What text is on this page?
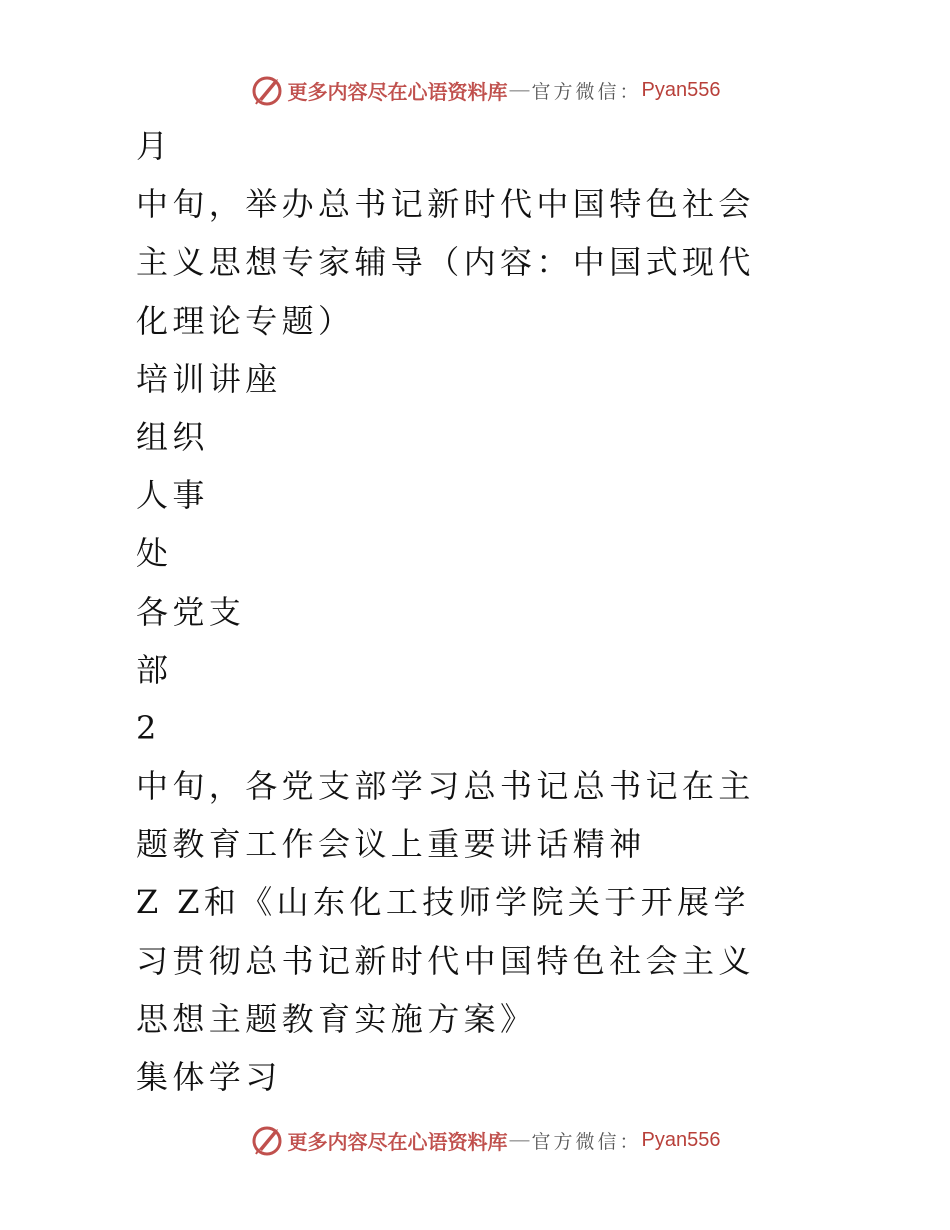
更多内容尽在心语资料库 — 官方微信： Pyan556
月
中旬，举办总书记新时代中国特色社会
主义思想专家辅导（内容：中国式现代
化理论专题）
培训讲座
组织
人事
处
各党支
部
2
中旬，各党支部学习总书记总书记在主
题教育工作会议上重要讲话精神
Z Z和《山东化工技师学院关于开展学
习贯彻总书记新时代中国特色社会主义
思想主题教育实施方案》
集体学习
更多内容尽在心语资料库 — 官方微信： Pyan556
